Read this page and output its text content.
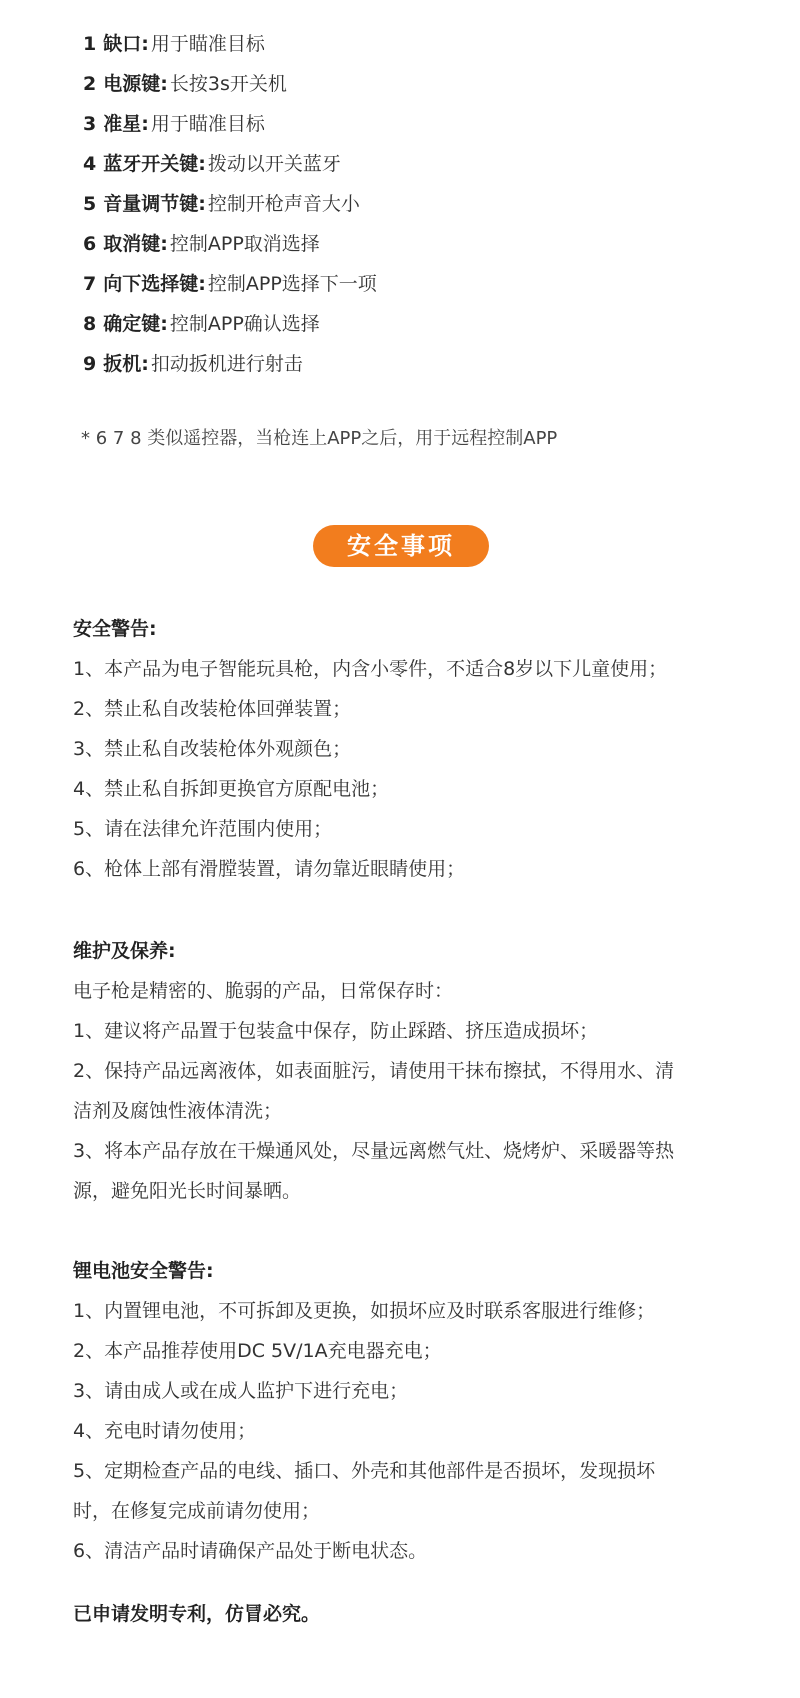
1 缺口: 用于瞄准目标
2 电源键: 长按3s开关机
3 准星: 用于瞄准目标
4 蓝牙开关键: 拨动以开关蓝牙
5 音量调节键: 控制开枪声音大小
6 取消键: 控制APP取消选择
7 向下选择键: 控制APP选择下一项
8 确定键: 控制APP确认选择
9 扳机: 扣动扳机进行射击
* 6 7 8 类似遥控器，当枪连上APP之后，用于远程控制APP
安全事项
安全警告:
1、本产品为电子智能玩具枪，内含小零件，不适合8岁以下儿童使用；
2、禁止私自改装枪体回弹装置；
3、禁止私自改装枪体外观颜色；
4、禁止私自拆卸更换官方原配电池；
5、请在法律允许范围内使用；
6、枪体上部有滑膛装置，请勿靠近眼睛使用；
维护及保养:
电子枪是精密的、脆弱的产品，日常保存时：
1、建议将产品置于包装盒中保存，防止踩踏、挤压造成损坏；
2、保持产品远离液体，如表面脏污，请使用干抹布擦拭，不得用水、清
洁剂及腐蚀性液体清洗；
3、将本产品存放在干燥通风处，尽量远离燃气灶、烧烤炉、采暖器等热
源，避免阳光长时间暴晒。
锂电池安全警告:
1、内置锂电池，不可拆卸及更换，如损坏应及时联系客服进行维修；
2、本产品推荐使用DC 5V/1A充电器充电；
3、请由成人或在成人监护下进行充电；
4、充电时请勿使用；
5、定期检查产品的电线、插口、外壳和其他部件是否损坏，发现损坏
时，在修复完成前请勿使用；
6、清洁产品时请确保产品处于断电状态。
已申请发明专利，仿冒必究。
